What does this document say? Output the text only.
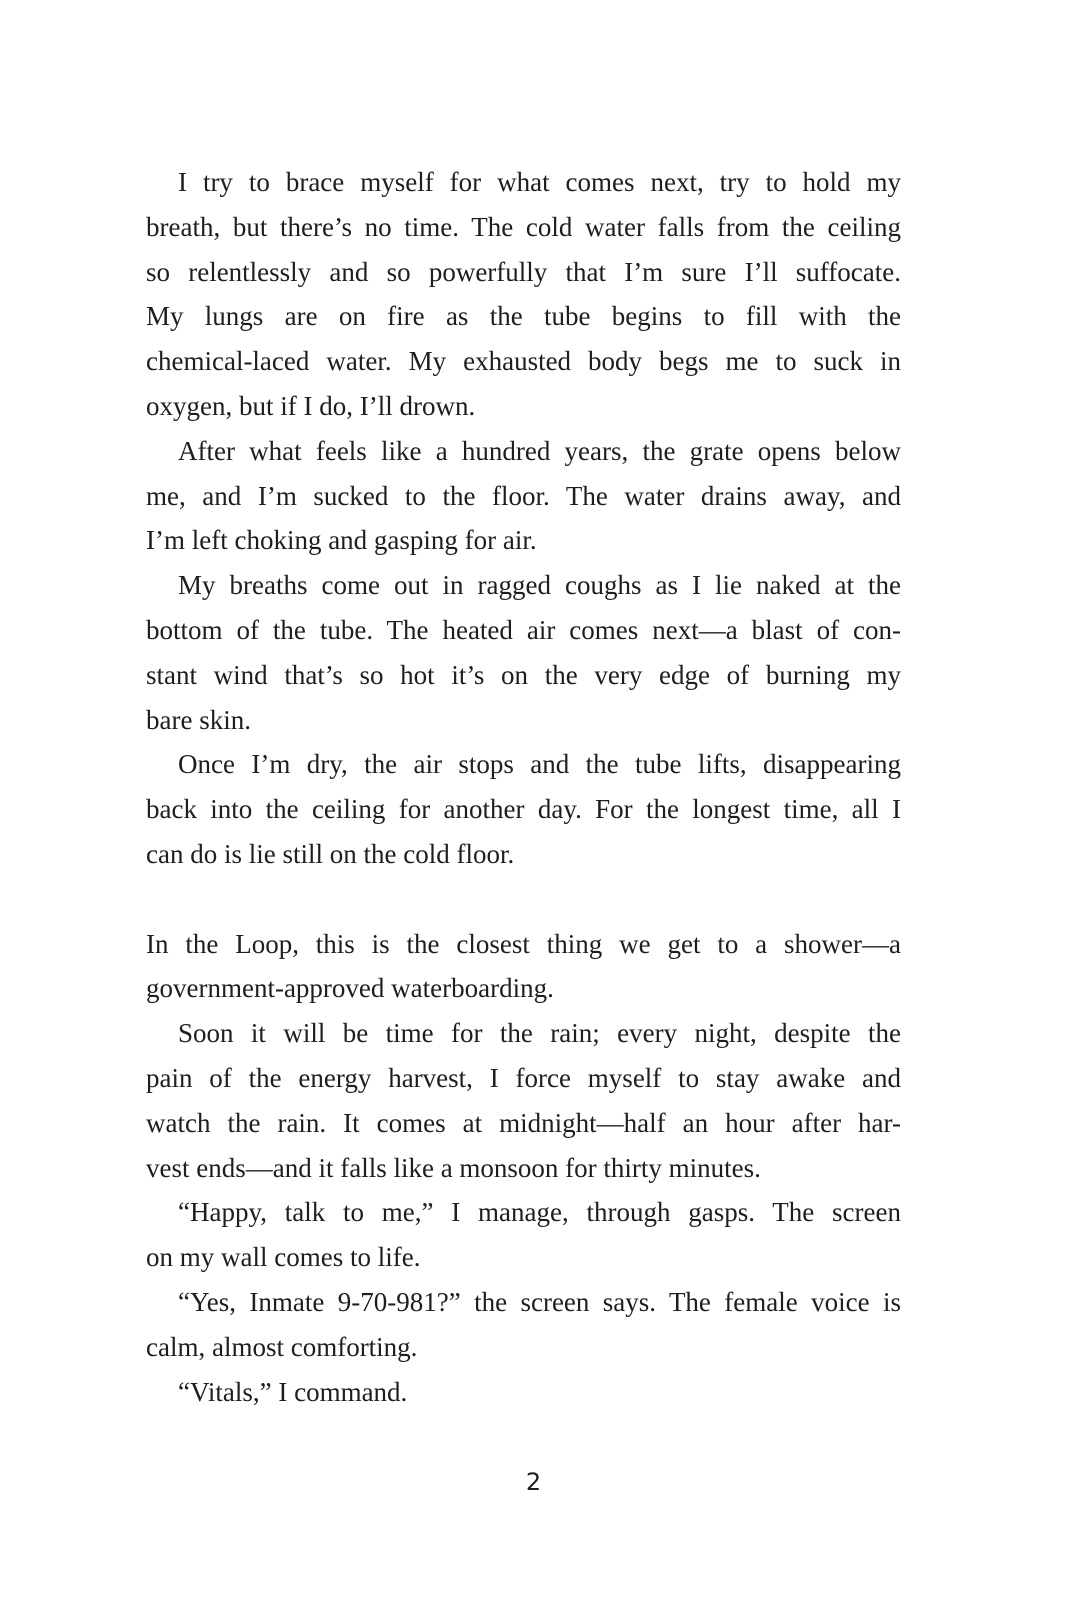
I try to brace myself for what comes next, try to hold my
breath, but there’s no time. The cold water falls from the ceiling
so relentlessly and so powerfully that I’m sure I’ll suffocate.
My lungs are on fire as the tube begins to fill with the
chemical-laced water. My exhausted body begs me to suck in
oxygen, but if I do, I’ll drown.
After what feels like a hundred years, the grate opens below
me, and I’m sucked to the floor. The water drains away, and
I’m left choking and gasping for air.
My breaths come out in ragged coughs as I lie naked at the
bottom of the tube. The heated air comes next—a blast of con-
stant wind that’s so hot it’s on the very edge of burning my
bare skin.
Once I’m dry, the air stops and the tube lifts, disappearing
back into the ceiling for another day. For the longest time, all I
can do is lie still on the cold floor.
In the Loop, this is the closest thing we get to a shower—a
government-approved waterboarding.
Soon it will be time for the rain; every night, despite the
pain of the energy harvest, I force myself to stay awake and
watch the rain. It comes at midnight—half an hour after har-
vest ends—and it falls like a monsoon for thirty minutes.
“Happy, talk to me,” I manage, through gasps. The screen
on my wall comes to life.
“Yes, Inmate 9-70-981?” the screen says. The female voice is
calm, almost comforting.
“Vitals,” I command.
2
